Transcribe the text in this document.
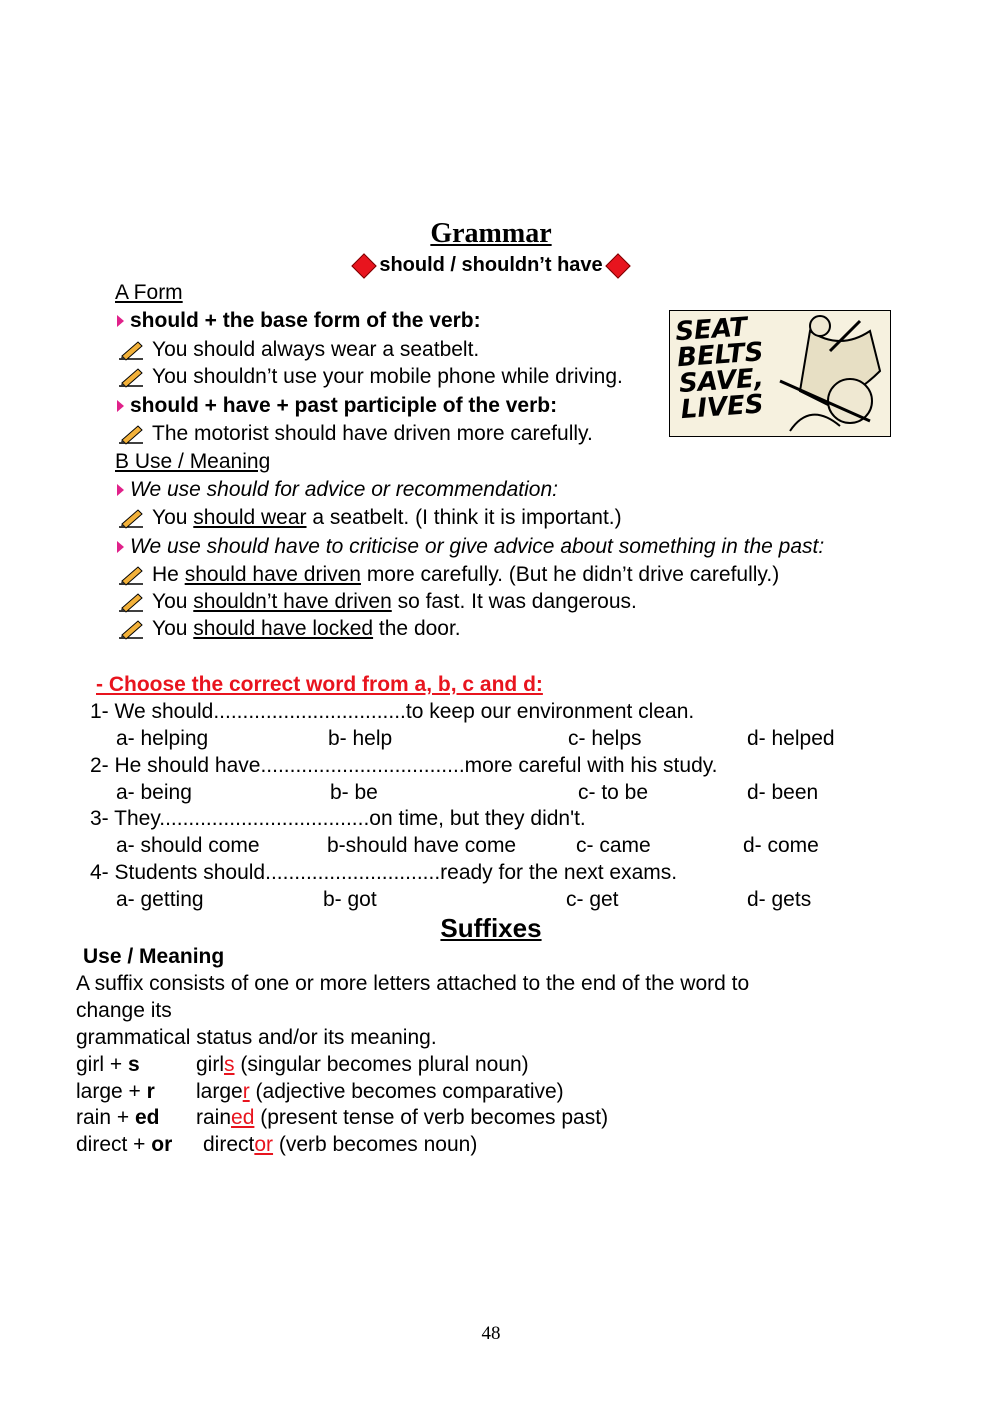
Grammar
should / shouldn’t have
A Form
should + the base form of the verb:
You should always wear a seatbelt.
You shouldn’t use your mobile phone while driving.
should + have + past participle of the verb:
The motorist should have driven more carefully.
SEAT BELTS SAVE, LIVES
B Use / Meaning
We use should for advice or recommendation:
You should wear a seatbelt. (I think it is important.)
We use should have to criticise or give advice about something in the past:
He should have driven more carefully. (But he didn’t drive carefully.)
You shouldn’t have driven so fast. It was dangerous.
You should have locked the door.
- Choose the correct word from a, b, c and d:
1- We should.................................to keep our environment clean.
a- helping	b- help	c- helps	d- helped
2- He should have...................................more careful with his study.
a- being	b- be	c- to be	d- been
3- They....................................on time, but they didn't.
a- should come	b-should have come	c- came	d- come
4- Students should..............................ready for the next exams.
a- getting	b- got	c- get	d- gets
Suffixes
Use / Meaning
A suffix consists of one or more letters attached to the end of the word to
change its
grammatical status and/or its meaning.
girl + s	girls (singular becomes plural noun)
large + r larger (adjective becomes comparative)
rain + ed rained (present tense of verb becomes past)
direct + or director (verb becomes noun)
48
